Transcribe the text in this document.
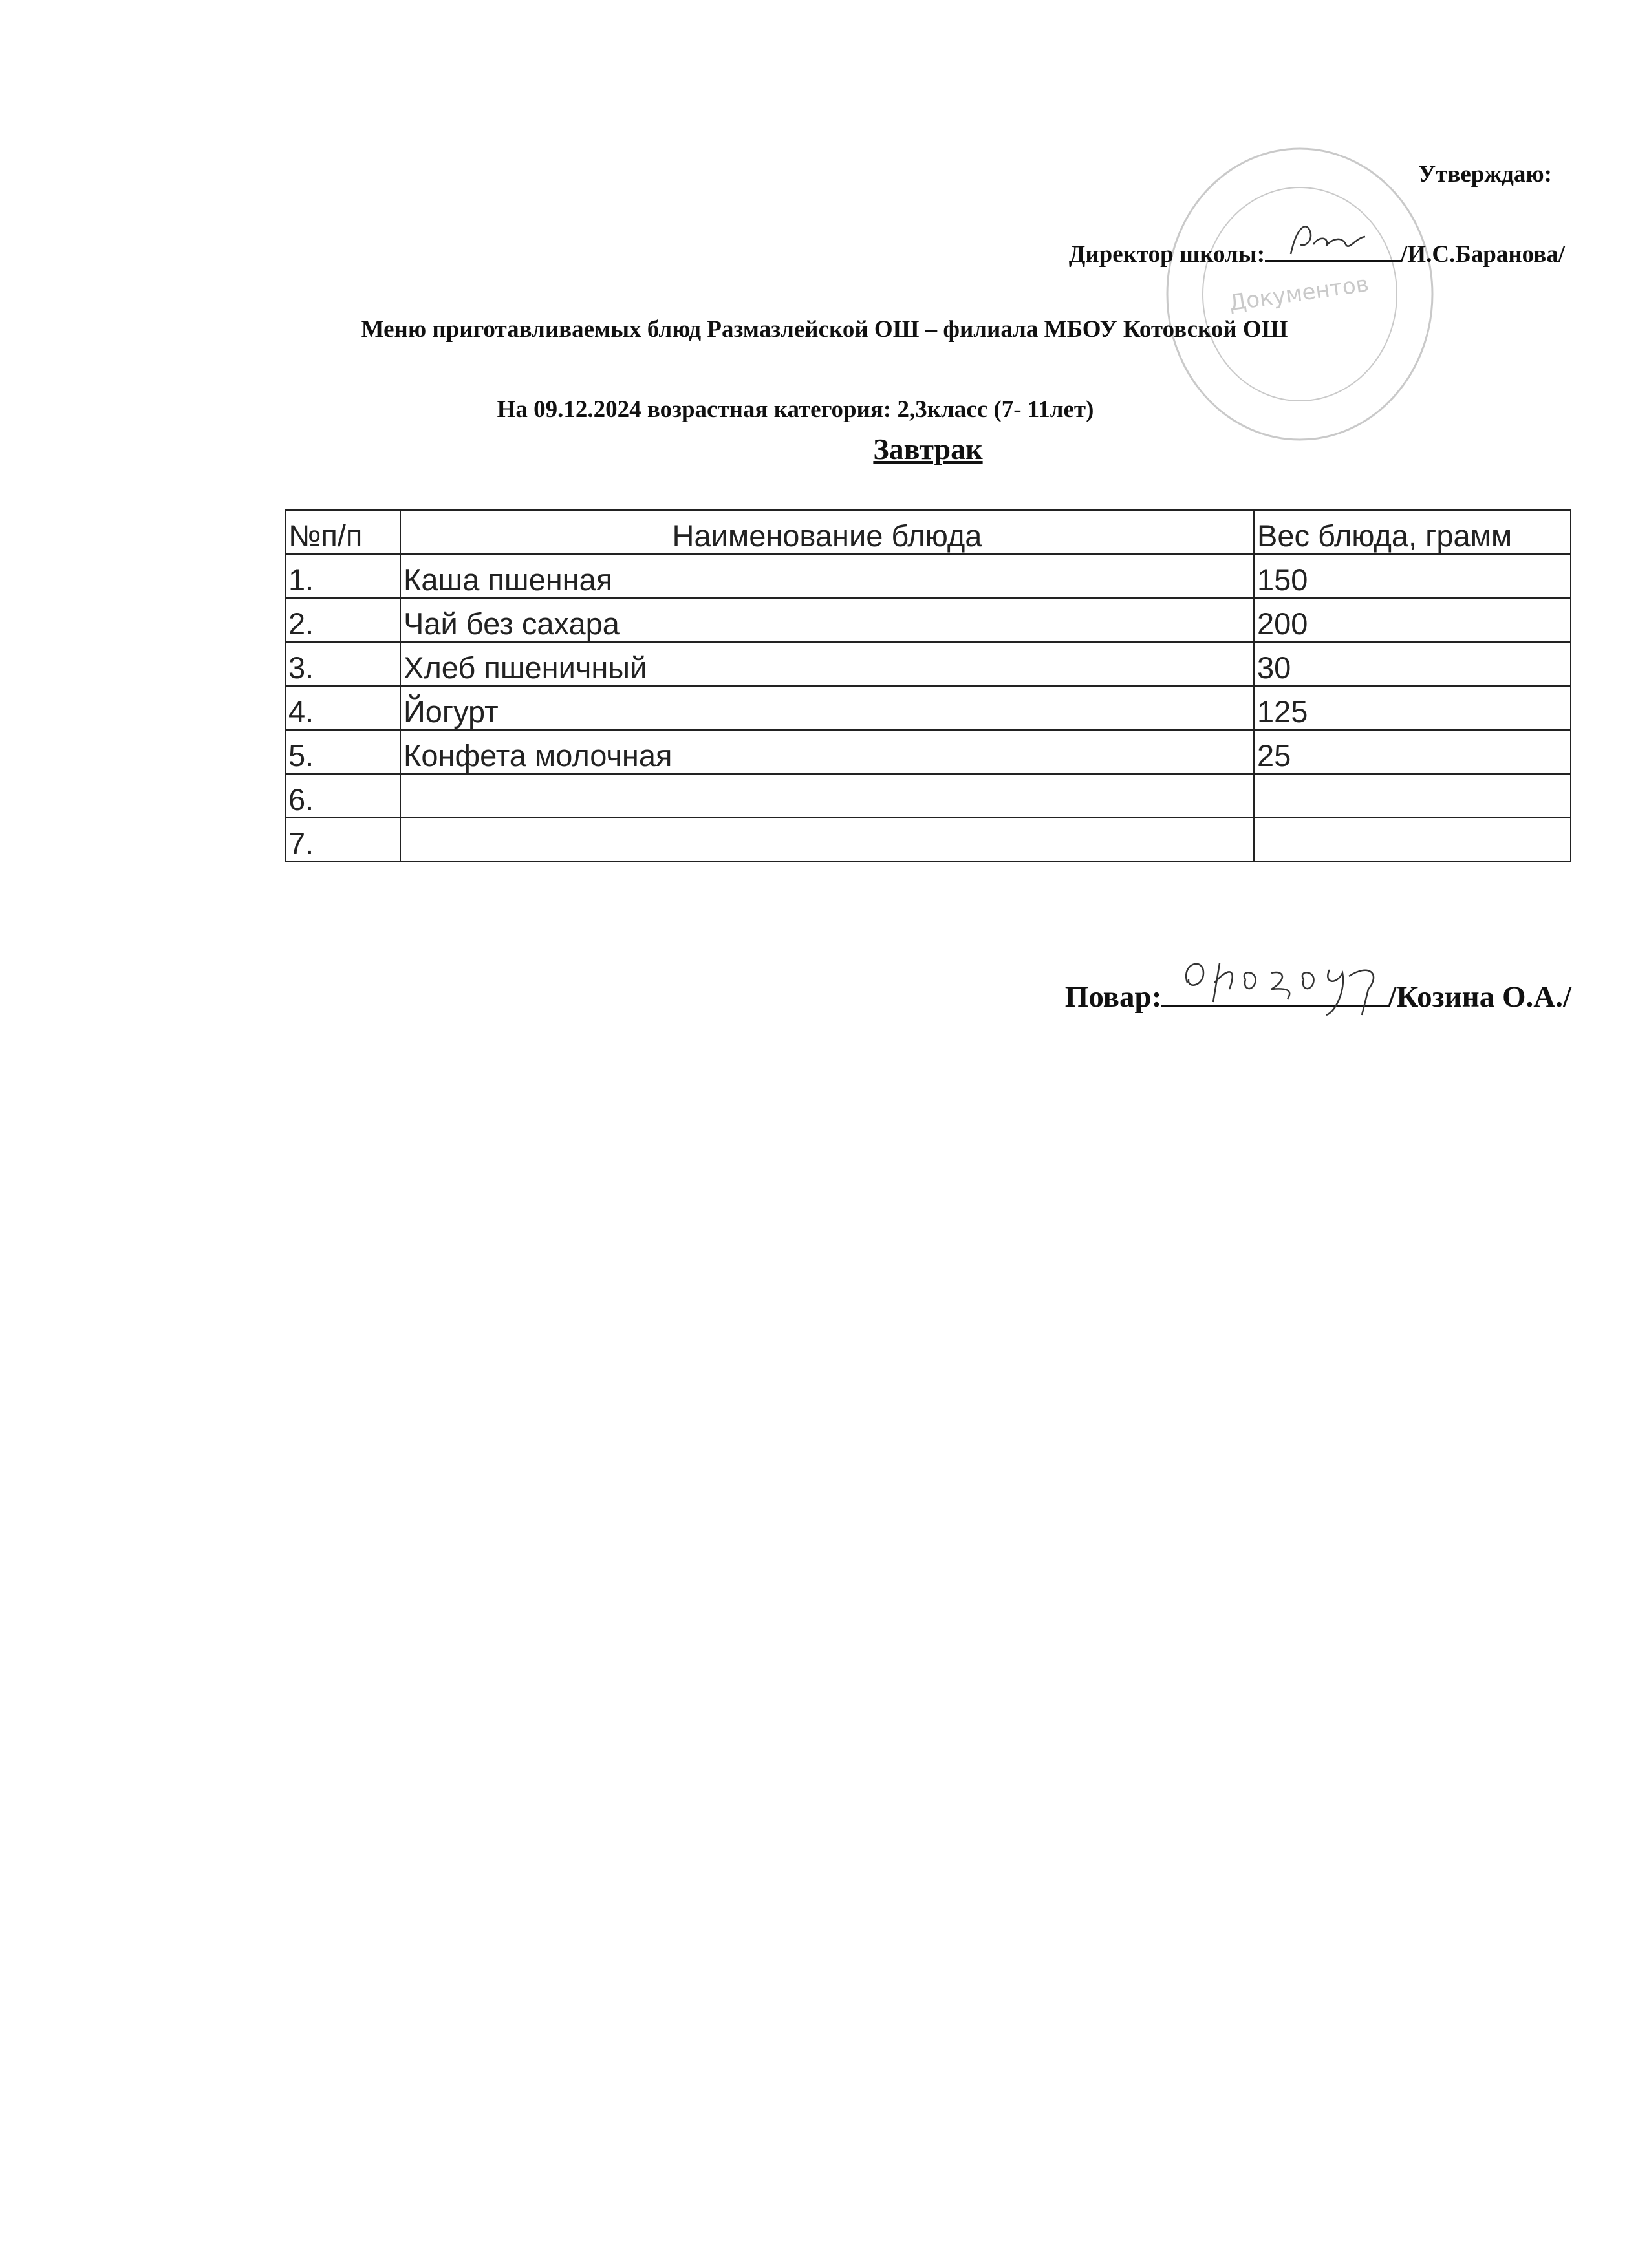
Документов
Утверждаю:
Директор школы:	/И.С.Баранова/
Меню приготавливаемых блюд Размазлейской ОШ – филиала МБОУ Котовской ОШ
На 09.12.2024 возрастная категория: 2,3класс (7- 11лет)
Завтрак
№п/п	Наименование блюда	Вес блюда, грамм
1.	Каша пшенная	150
2.	Чай без сахара	200
3.	Хлеб пшеничный	30
4.	Йогурт	125
5.	Конфета молочная	25
6.		
7.		
Повар:	/Козина О.А./
